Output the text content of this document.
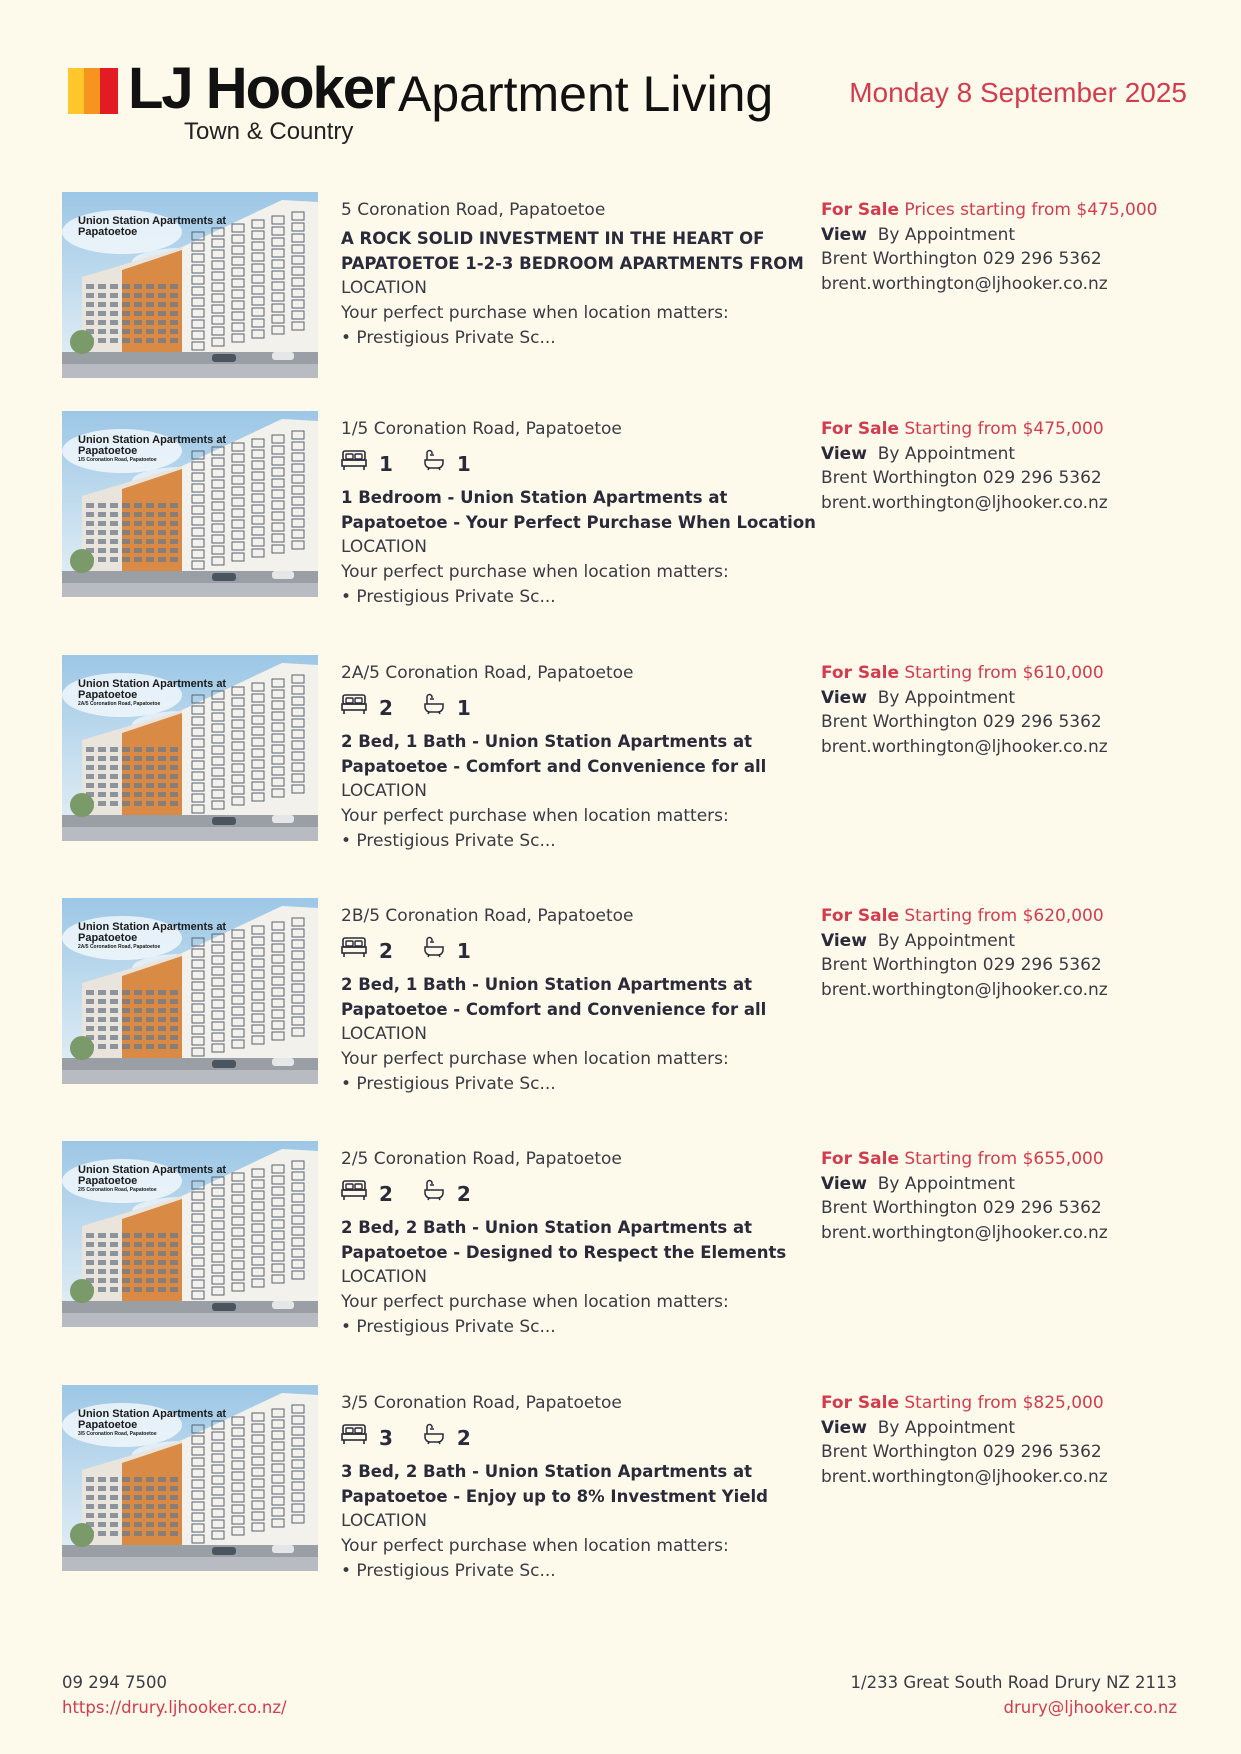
LJ Hooker
Town & Country
Apartment Living	Monday 8 September 2025
Union Station Apartments at Papatoetoe
5 Coronation Road, Papatoetoe
A ROCK SOLID INVESTMENT IN THE HEART OF
PAPATOETOE 1-2-3 BEDROOM APARTMENTS FROM
LOCATION
Your perfect purchase when location matters:
• Prestigious Private Sc...
For Sale Prices starting from $475,000
View By Appointment
Brent Worthington 029 296 5362
brent.worthington@ljhooker.co.nz
Union Station Apartments at Papatoetoe
1/5 Coronation Road, Papatoetoe
1/5 Coronation Road, Papatoetoe
1	1
1 Bedroom - Union Station Apartments at
Papatoetoe - Your Perfect Purchase When Location
LOCATION
Your perfect purchase when location matters:
• Prestigious Private Sc...
For Sale Starting from $475,000
View By Appointment
Brent Worthington 029 296 5362
brent.worthington@ljhooker.co.nz
Union Station Apartments at Papatoetoe
2A/5 Coronation Road, Papatoetoe
2A/5 Coronation Road, Papatoetoe
2	1
2 Bed, 1 Bath - Union Station Apartments at
Papatoetoe - Comfort and Convenience for all
LOCATION
Your perfect purchase when location matters:
• Prestigious Private Sc...
For Sale Starting from $610,000
View By Appointment
Brent Worthington 029 296 5362
brent.worthington@ljhooker.co.nz
Union Station Apartments at Papatoetoe
2A/5 Coronation Road, Papatoetoe
2B/5 Coronation Road, Papatoetoe
2	1
2 Bed, 1 Bath - Union Station Apartments at
Papatoetoe - Comfort and Convenience for all
LOCATION
Your perfect purchase when location matters:
• Prestigious Private Sc...
For Sale Starting from $620,000
View By Appointment
Brent Worthington 029 296 5362
brent.worthington@ljhooker.co.nz
Union Station Apartments at Papatoetoe
2/5 Coronation Road, Papatoetoe
2/5 Coronation Road, Papatoetoe
2	2
2 Bed, 2 Bath - Union Station Apartments at
Papatoetoe - Designed to Respect the Elements
LOCATION
Your perfect purchase when location matters:
• Prestigious Private Sc...
For Sale Starting from $655,000
View By Appointment
Brent Worthington 029 296 5362
brent.worthington@ljhooker.co.nz
Union Station Apartments at Papatoetoe
3/5 Coronation Road, Papatoetoe
3/5 Coronation Road, Papatoetoe
3	2
3 Bed, 2 Bath - Union Station Apartments at
Papatoetoe - Enjoy up to 8% Investment Yield
LOCATION
Your perfect purchase when location matters:
• Prestigious Private Sc...
For Sale Starting from $825,000
View By Appointment
Brent Worthington 029 296 5362
brent.worthington@ljhooker.co.nz
09 294 7500
https://drury.ljhooker.co.nz/
1/233 Great South Road Drury NZ 2113
drury@ljhooker.co.nz
